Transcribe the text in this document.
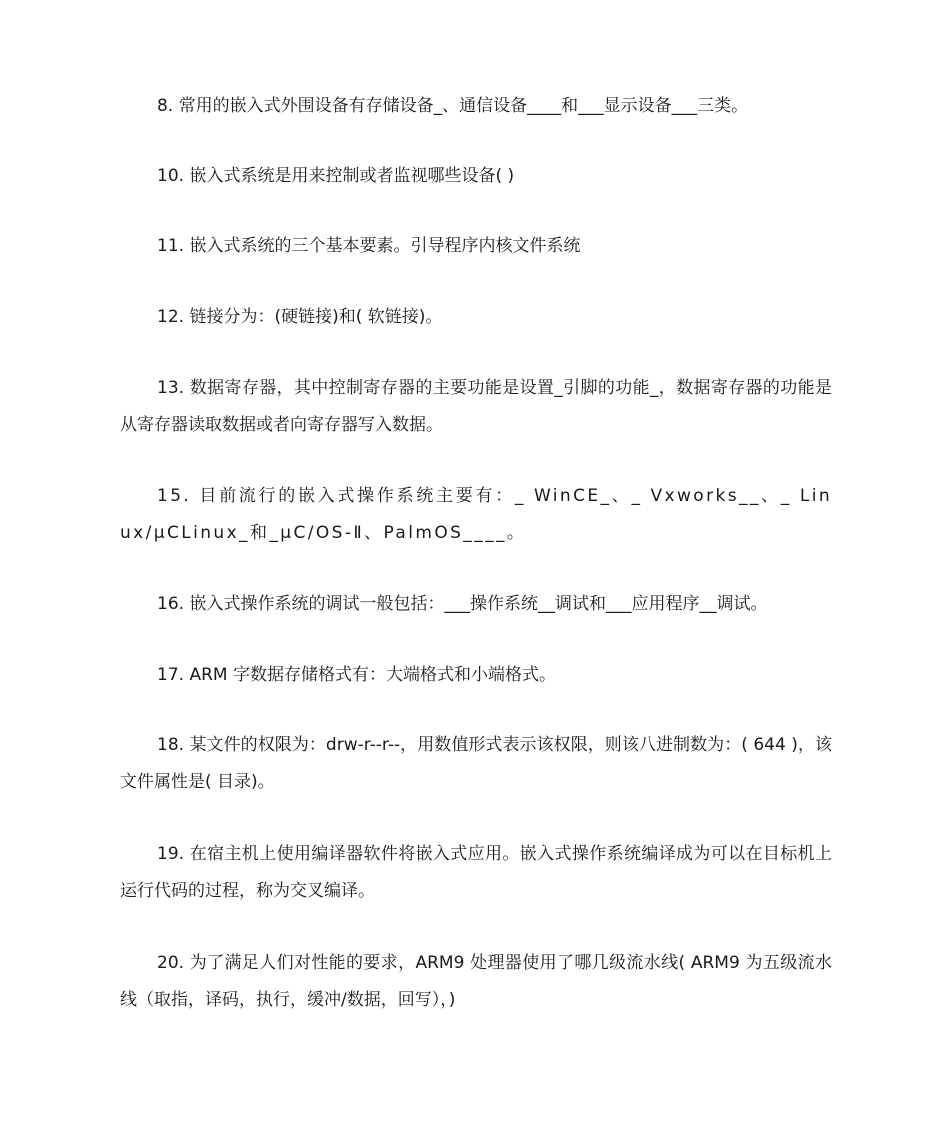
8. 常用的嵌入式外围设备有存储设备_、通信设备____和___显示设备___三类。

10. 嵌入式系统是用来控制或者监视哪些设备( )

11. 嵌入式系统的三个基本要素。引导程序内核文件系统

12. 链接分为：(硬链接)和( 软链接)。

13. 数据寄存器，其中控制寄存器的主要功能是设置_引脚的功能_，数据寄存器的功能是从寄存器读取数据或者向寄存器写入数据。

15. 目前流行的嵌入式操作系统主要有：_ WinCE_、_ Vxworks__、_ Linux/μCLinux_和_μC/OS-Ⅱ、PalmOS____。

16. 嵌入式操作系统的调试一般包括：___操作系统__调试和___应用程序__调试。

17. ARM 字数据存储格式有：大端格式和小端格式。

18. 某文件的权限为：drw-r--r--，用数值形式表示该权限，则该八进制数为：( 644 )，该文件属性是( 目录)。

19. 在宿主机上使用编译器软件将嵌入式应用。嵌入式操作系统编译成为可以在目标机上运行代码的过程，称为交叉编译。

20. 为了满足人们对性能的要求，ARM9 处理器使用了哪几级流水线( ARM9 为五级流水线（取指，译码，执行，缓冲/数据，回写），)
